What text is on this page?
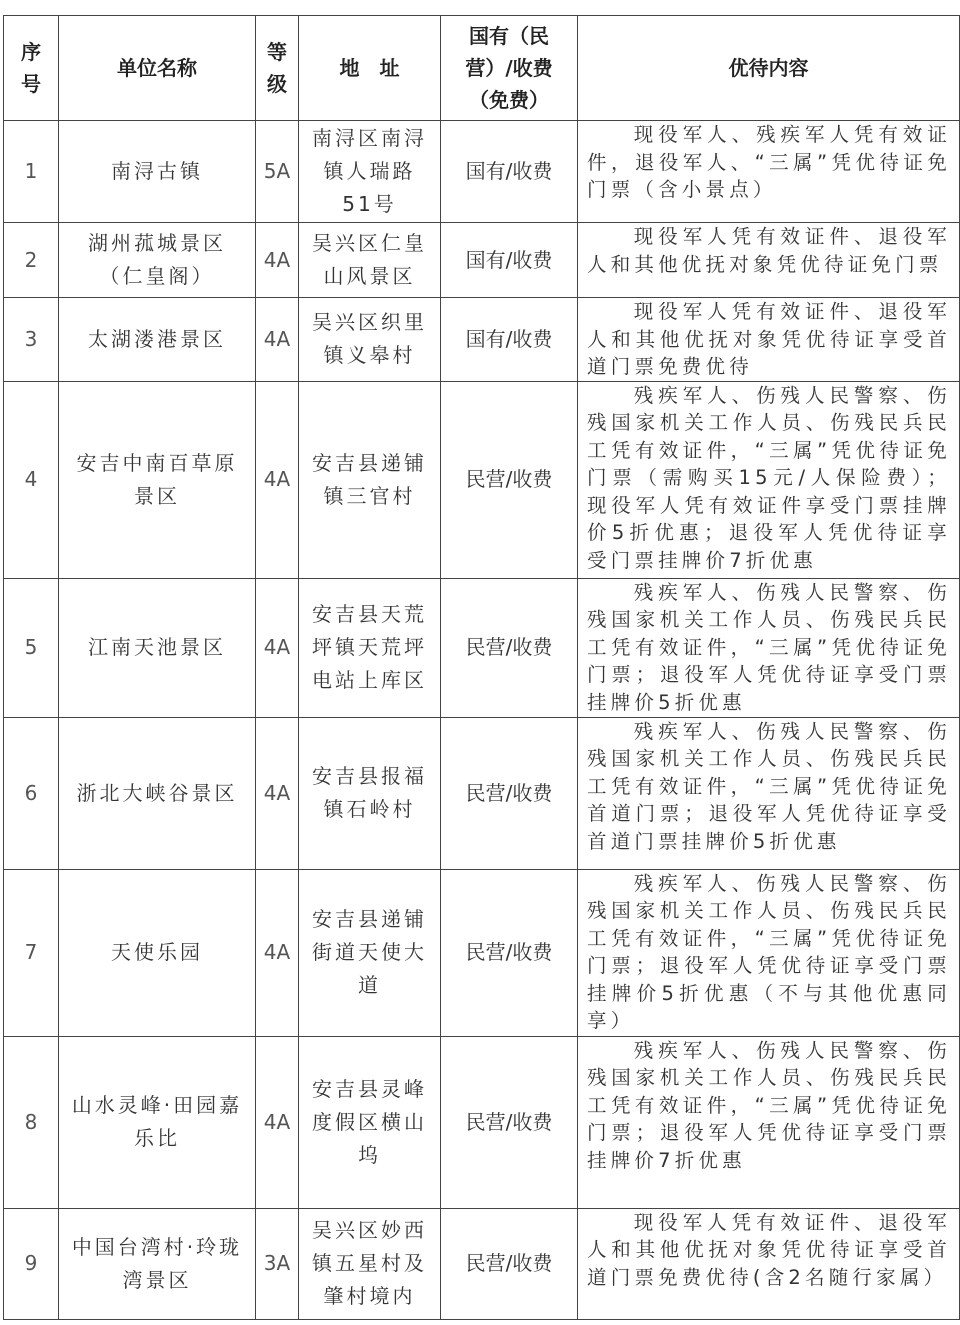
序号	单位名称	等级	地　址	国有（民营）/收费（免费）	优待内容
1	南浔古镇	5A	南浔区南浔镇人瑞路51号	国有/收费	现役军人、残疾军人凭有效证件，退役军人、“三属”凭优待证免门票（含小景点）
2	湖州菰城景区（仁皇阁）	4A	吴兴区仁皇山风景区	国有/收费	现役军人凭有效证件、退役军人和其他优抚对象凭优待证免门票
3	太湖溇港景区	4A	吴兴区织里镇义皋村	国有/收费	现役军人凭有效证件、退役军人和其他优抚对象凭优待证享受首道门票免费优待
4	安吉中南百草原景区	4A	安吉县递铺镇三官村	民营/收费	残疾军人、伤残人民警察、伤残国家机关工作人员、伤残民兵民工凭有效证件，“三属”凭优待证免门票（需购买15元/人保险费）；现役军人凭有效证件享受门票挂牌价5折优惠；退役军人凭优待证享受门票挂牌价7折优惠
5	江南天池景区	4A	安吉县天荒坪镇天荒坪电站上库区	民营/收费	残疾军人、伤残人民警察、伤残国家机关工作人员、伤残民兵民工凭有效证件，“三属”凭优待证免门票；退役军人凭优待证享受门票挂牌价5折优惠
6	浙北大峡谷景区	4A	安吉县报福镇石岭村	民营/收费	残疾军人、伤残人民警察、伤残国家机关工作人员、伤残民兵民工凭有效证件，“三属”凭优待证免首道门票；退役军人凭优待证享受首道门票挂牌价5折优惠
7	天使乐园	4A	安吉县递铺街道天使大道	民营/收费	残疾军人、伤残人民警察、伤残国家机关工作人员、伤残民兵民工凭有效证件，“三属”凭优待证免门票；退役军人凭优待证享受门票挂牌价5折优惠（不与其他优惠同享）
8	山水灵峰·田园嘉乐比	4A	安吉县灵峰度假区横山坞	民营/收费	残疾军人、伤残人民警察、伤残国家机关工作人员、伤残民兵民工凭有效证件，“三属”凭优待证免门票；退役军人凭优待证享受门票挂牌价7折优惠
9	中国台湾村·玲珑湾景区	3A	吴兴区妙西镇五星村及肇村境内	民营/收费	现役军人凭有效证件、退役军人和其他优抚对象凭优待证享受首道门票免费优待(含2名随行家属）
